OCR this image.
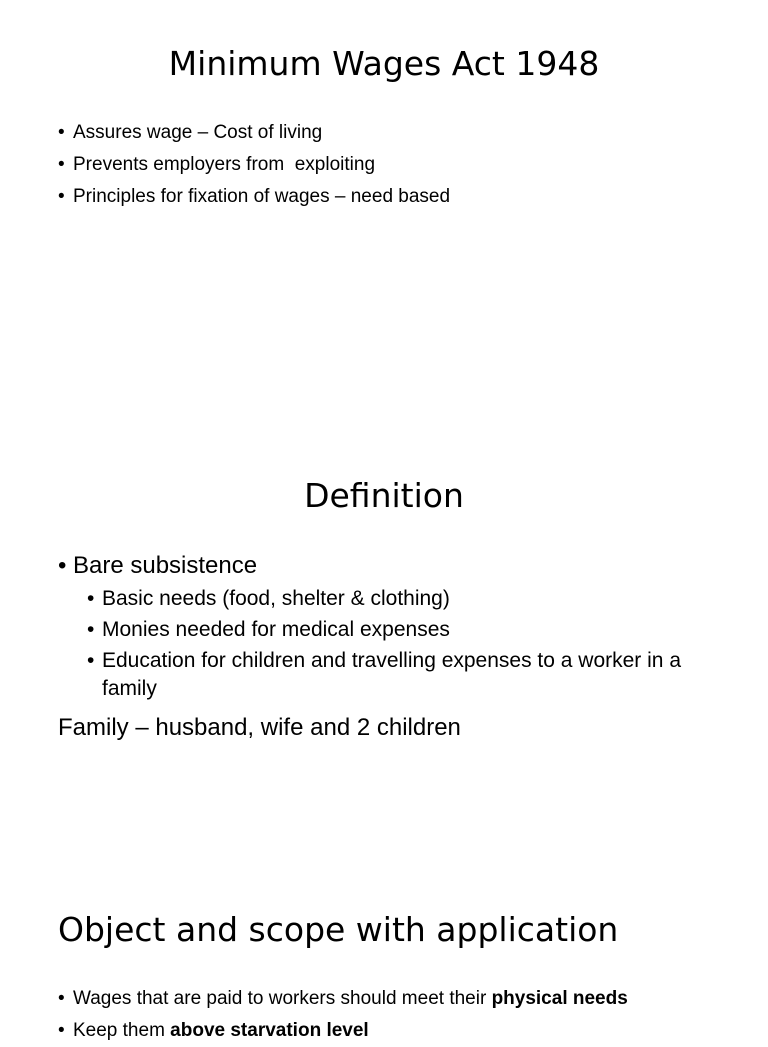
Minimum Wages Act 1948
• Assures wage – Cost of living
• Prevents employers from  exploiting
• Principles for fixation of wages – need based
Definition
• Bare subsistence
• Basic needs (food, shelter & clothing)
• Monies needed for medical expenses
• Education for children and travelling expenses to a worker in a family
Family – husband, wife and 2 children
Object and scope with application
• Wages that are paid to workers should meet their physical needs
• Keep them above starvation level
